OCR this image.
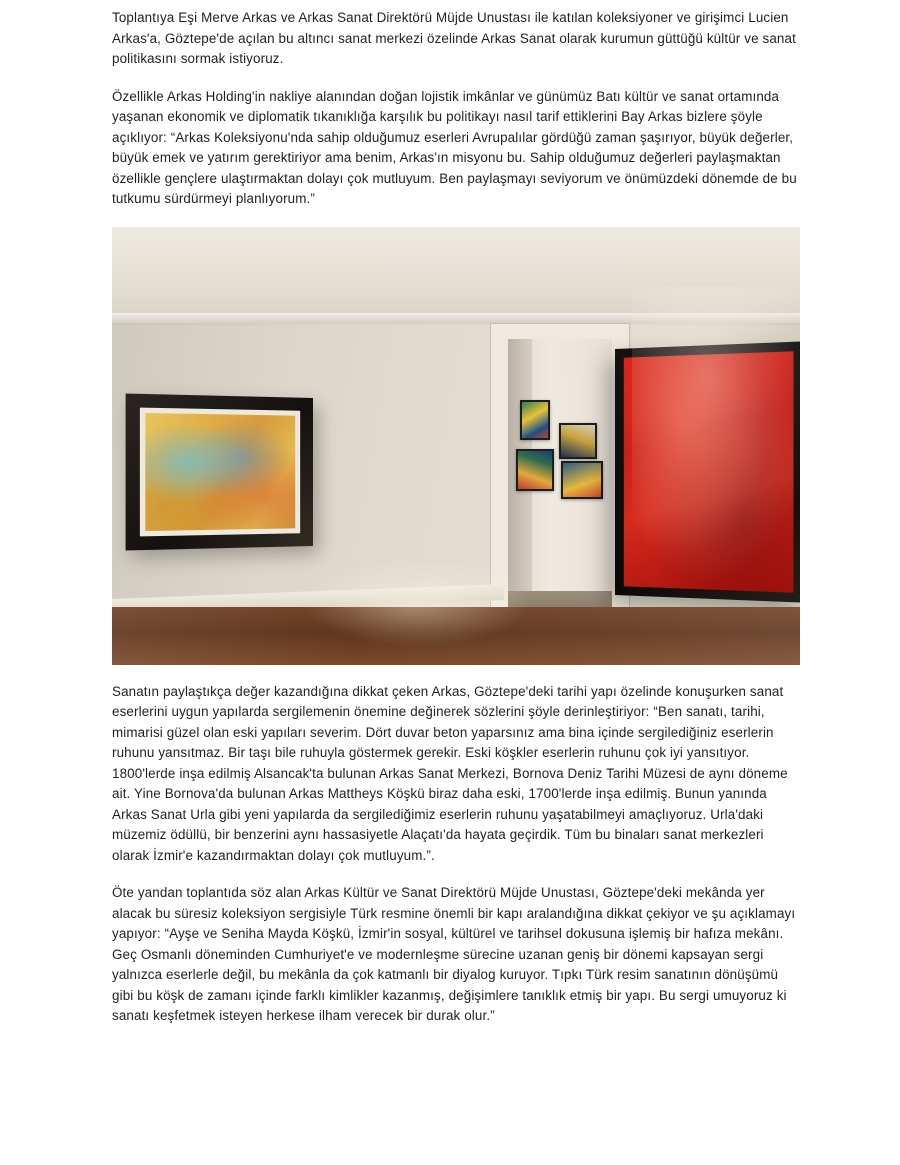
Toplantıya Eşi Merve Arkas ve Arkas Sanat Direktörü Müjde Unustası ile katılan koleksiyoner ve girişimci Lucien Arkas'a, Göztepe'de açılan bu altıncı sanat merkezi özelinde Arkas Sanat olarak kurumun güttüğü kültür ve sanat politikasını sormak istiyoruz.

Özellikle Arkas Holding'in nakliye alanından doğan lojistik imkânlar ve günümüz Batı kültür ve sanat ortamında yaşanan ekonomik ve diplomatik tıkanıklığa karşılık bu politikayı nasıl tarif ettiklerini Bay Arkas bizlere şöyle açıklıyor: “Arkas Koleksiyonu'nda sahip olduğumuz eserleri Avrupalılar gördüğü zaman şaşırıyor, büyük değerler, büyük emek ve yatırım gerektiriyor ama benim, Arkas'ın misyonu bu. Sahip olduğumuz değerleri paylaşmaktan özellikle gençlere ulaştırmaktan dolayı çok mutluyum. Ben paylaşmayı seviyorum ve önümüzdeki dönemde de bu tutkumu sürdürmeyi planlıyorum.”

Sanatın paylaştıkça değer kazandığına dikkat çeken Arkas, Göztepe'deki tarihi yapı özelinde konuşurken sanat eserlerini uygun yapılarda sergilemenin önemine değinerek sözlerini şöyle derinleştiriyor: “Ben sanatı, tarihi, mimarisi güzel olan eski yapıları severim. Dört duvar beton yaparsınız ama bina içinde sergilediğiniz eserlerin ruhunu yansıtmaz. Bir taşı bile ruhuyla göstermek gerekir. Eski köşkler eserlerin ruhunu çok iyi yansıtıyor. 1800'lerde inşa edilmiş Alsancak'ta bulunan Arkas Sanat Merkezi, Bornova Deniz Tarihi Müzesi de aynı döneme ait. Yine Bornova'da bulunan Arkas Mattheys Köşkü biraz daha eski, 1700'lerde inşa edilmiş. Bunun yanında Arkas Sanat Urla gibi yeni yapılarda da sergilediğimiz eserlerin ruhunu yaşatabilmeyi amaçlıyoruz. Urla'daki müzemiz ödüllü, bir benzerini aynı hassasiyetle Alaçatı'da hayata geçirdik. Tüm bu binaları sanat merkezleri olarak İzmir'e kazandırmaktan dolayı çok mutluyum.”.

Öte yandan toplantıda söz alan Arkas Kültür ve Sanat Direktörü Müjde Unustası, Göztepe'deki mekânda yer alacak bu süresiz koleksiyon sergisiyle Türk resmine önemli bir kapı aralandığına dikkat çekiyor ve şu açıklamayı yapıyor: “Ayşe ve Seniha Mayda Köşkü, İzmir'in sosyal, kültürel ve tarihsel dokusuna işlemiş bir hafıza mekânı. Geç Osmanlı döneminden Cumhuriyet'e ve modernleşme sürecine uzanan geniş bir dönemi kapsayan sergi yalnızca eserlerle değil, bu mekânla da çok katmanlı bir diyalog kuruyor. Tıpkı Türk resim sanatının dönüşümü gibi bu köşk de zamanı içinde farklı kimlikler kazanmış, değişimlere tanıklık etmiş bir yapı. Bu sergi umuyoruz ki sanatı keşfetmek isteyen herkese ilham verecek bir durak olur.”
